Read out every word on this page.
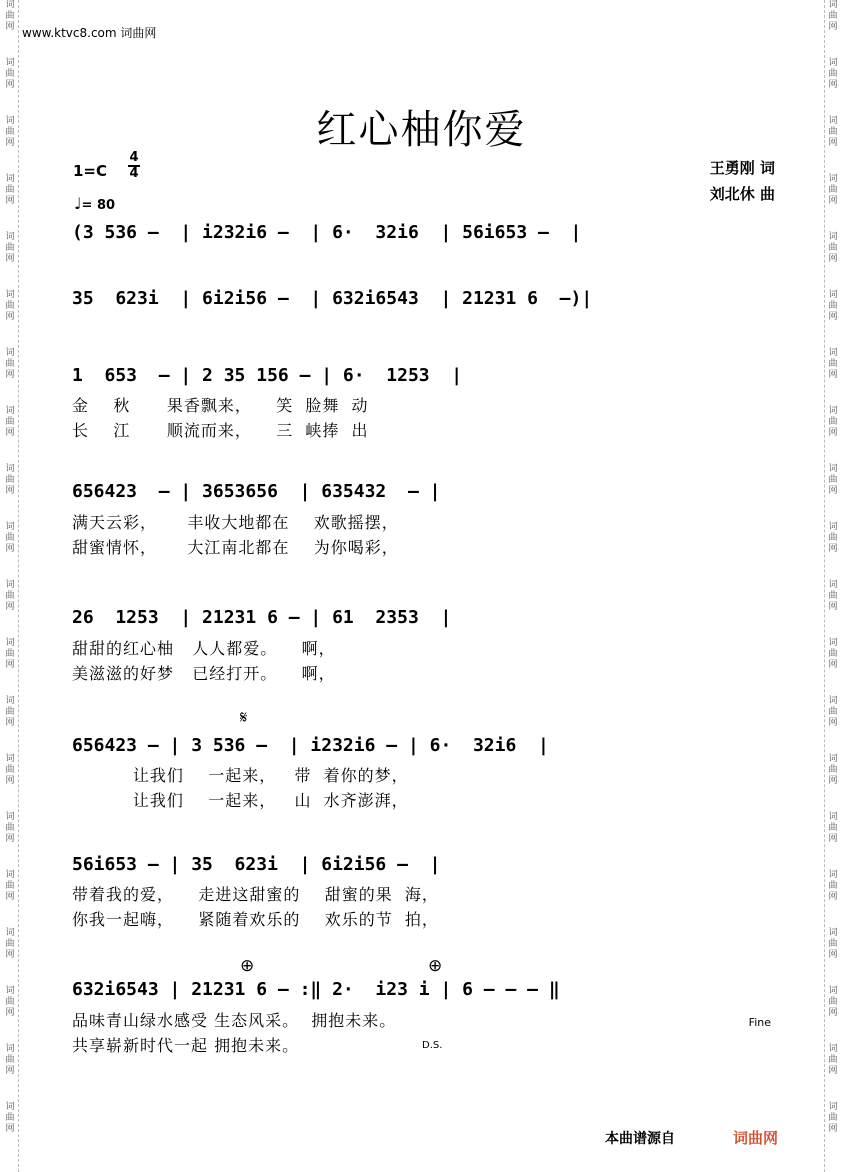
词
曲
网
词
曲
网
词
曲
网
词
曲
网
词
曲
网
词
曲
网
词
曲
网
词
曲
网
词
曲
网
词
曲
网
词
曲
网
词
曲
网
词
曲
网
词
曲
网
词
曲
网
词
曲
网
词
曲
网
词
曲
网
词
曲
网
词
曲
网
词
曲
网
词
曲
网
词
曲
网
词
曲
网
词
曲
网
词
曲
网
词
曲
网
词
曲
网
词
曲
网
词
曲
网
词
曲
网
词
曲
网
词
曲
网
词
曲
网
词
曲
网
词
曲
网
词
曲
网
词
曲
网
词
曲
网
词
曲
网
www.ktvc8.com 词曲网
红心柚你爱
王勇刚 词
刘北休 曲
1=C
4
4
♩= 80
(3 536 –  | i232i6 –  | 6·  32i6  | 56i653 –  |
35  623i  | 6i2i56 –  | 632i6543  | 21231 6  –)|
1  653  – | 2 35 156 – | 6·  1253  |
金    秋      果香飘来，    笑  脸舞  动
长    江      顺流而来，    三  峡捧  出
656423  – | 3653656  | 635432  – |
满天云彩，     丰收大地都在    欢歌摇摆，
甜蜜情怀，     大江南北都在    为你喝彩，
26  1253  | 21231 6 – | 61  2353  |
甜甜的红心柚   人人都爱。    啊，
美滋滋的好梦   已经打开。    啊，
𝄋
656423 – | 3 536 –  | i232i6 – | 6·  32i6  |
让我们    一起来，   带  着你的梦，
让我们    一起来，   山  水齐澎湃，
56i653 – | 35  623i  | 6i2i56 –  |
带着我的爱，    走进这甜蜜的    甜蜜的果  海，
你我一起嗨，    紧随着欢乐的    欢乐的节  拍，
⊕	⊕
632i6543 | 21231 6 – :‖ 2·  i23 i | 6 – – – ‖
品味青山绿水感受 生态风采。  拥抱未来。
共享崭新时代一起 拥抱未来。
Fine
D.S.
本曲谱源自	词曲网
